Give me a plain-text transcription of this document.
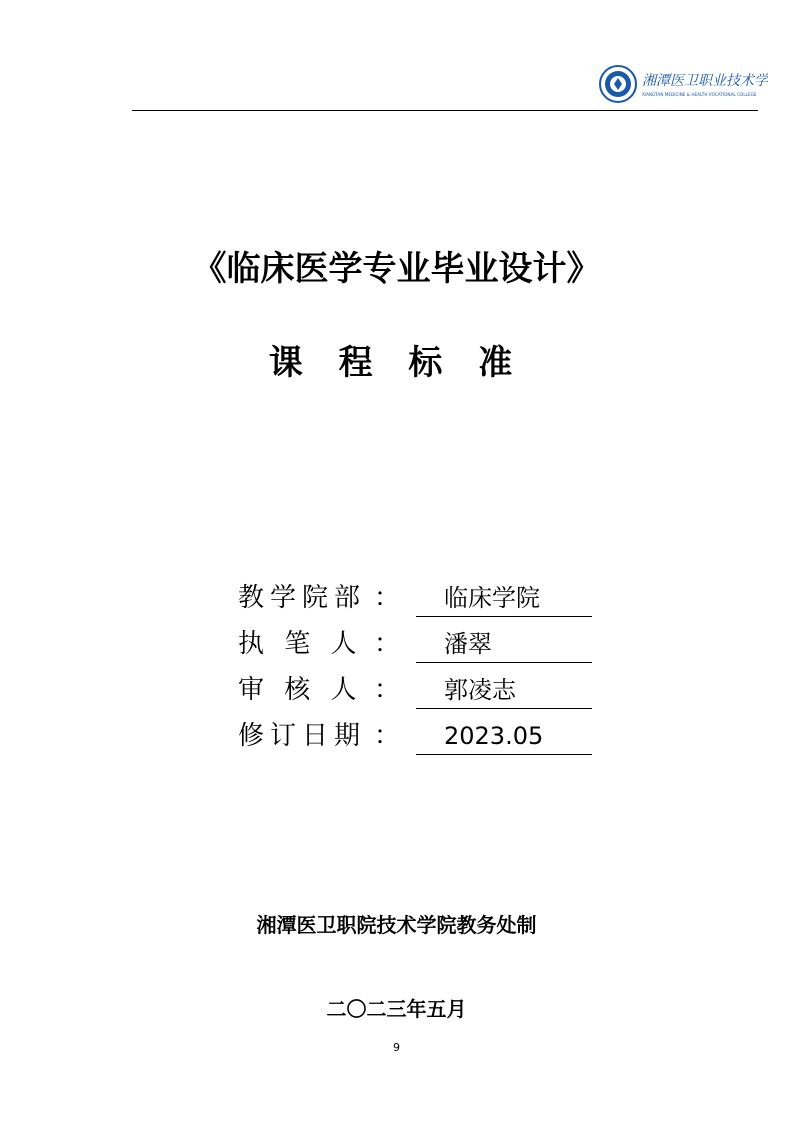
湘潭医卫职业技术学院
XIANGTAN MEDICINE & HEALTH VOCATIONAL COLLEGE
《临床医学专业毕业设计》
课 程 标 准
教学院部 ：	临床学院
执 笔 人 ：	潘翠
审 核 人 ：	郭凌志
修订日期 ：	2023.05
湘潭医卫职院技术学院教务处制
二〇二三年五月
9
